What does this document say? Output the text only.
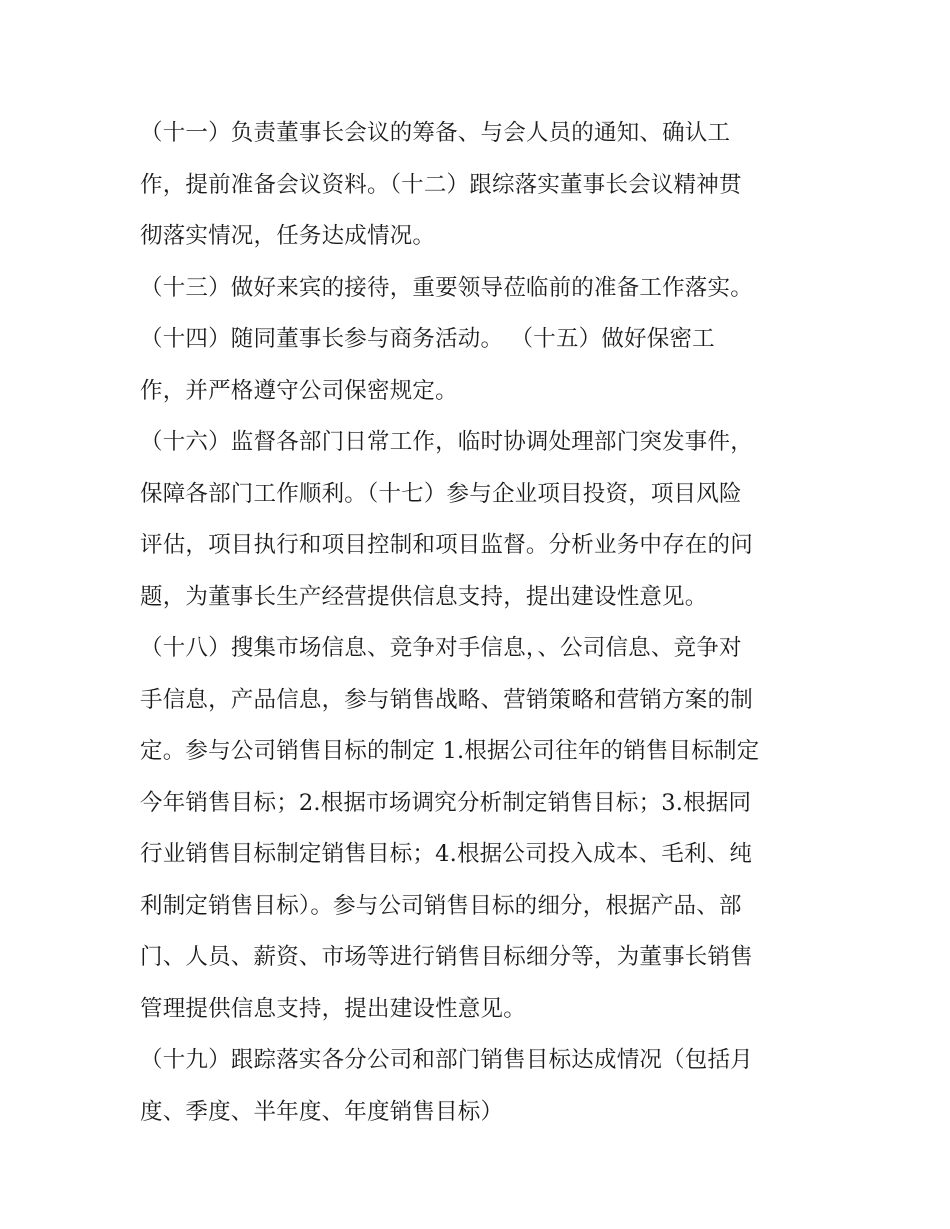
（十一）负责董事长会议的筹备、与会人员的通知、确认工
作，提前准备会议资料。（十二）跟综落实董事长会议精神贯
彻落实情况，任务达成情况。
（十三）做好来宾的接待，重要领导莅临前的准备工作落实。
（十四）随同董事长参与商务活动。 （十五）做好保密工
作，并严格遵守公司保密规定。
（十六）监督各部门日常工作，临时协调处理部门突发事件，
保障各部门工作顺利。（十七）参与企业项目投资，项目风险
评估，项目执行和项目控制和项目监督。分析业务中存在的问
题，为董事长生产经营提供信息支持，提出建设性意见。
（十八）搜集市场信息、竞争对手信息，、公司信息、竞争对
手信息，产品信息，参与销售战略、营销策略和营销方案的制
定。参与公司销售目标的制定 1.根据公司往年的销售目标制定
今年销售目标；2.根据市场调究分析制定销售目标；3.根据同
行业销售目标制定销售目标；4.根据公司投入成本、毛利、纯
利制定销售目标）。参与公司销售目标的细分，根据产品、部
门、人员、薪资、市场等进行销售目标细分等，为董事长销售
管理提供信息支持，提出建设性意见。
（十九）跟踪落实各分公司和部门销售目标达成情况（包括月
度、季度、半年度、年度销售目标）
